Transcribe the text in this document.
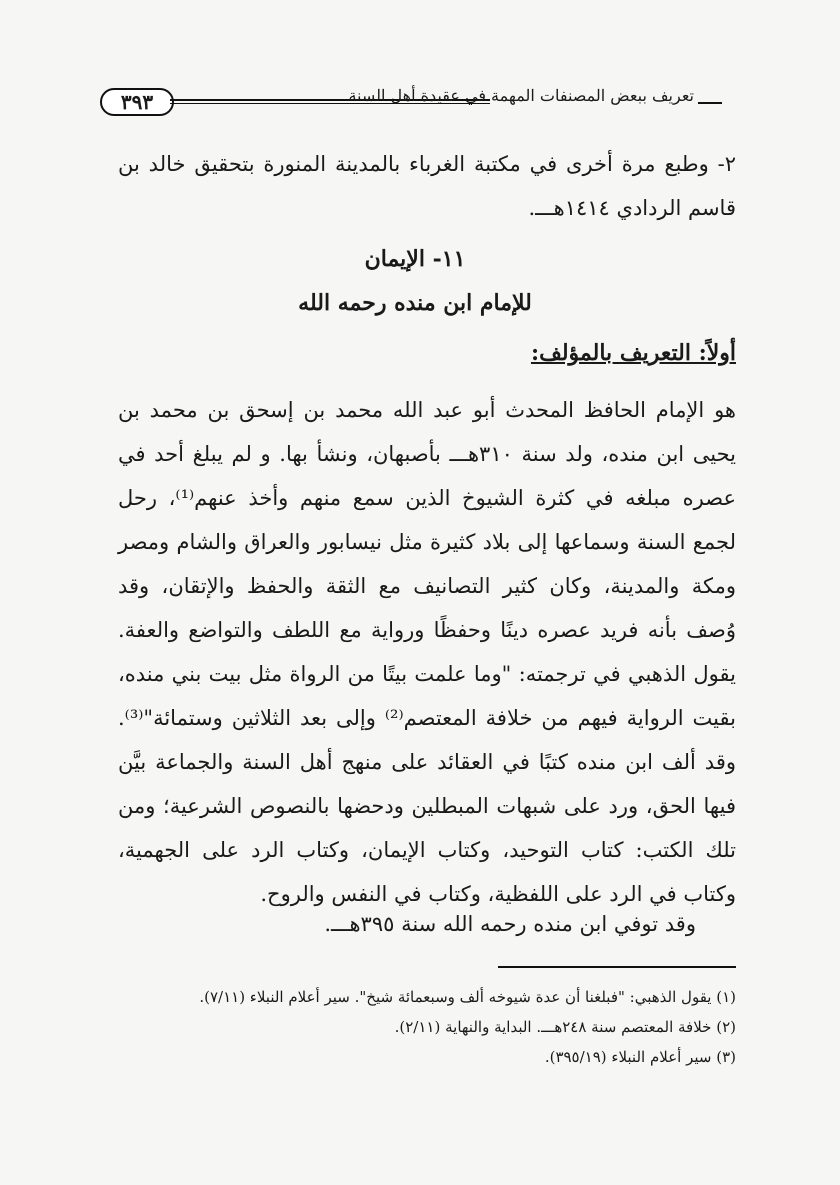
٣٩٣	تعريف ببعض المصنفات المهمة في عقيدة أهل السنة
٢- وطبع مرة أخرى في مكتبة الغرباء بالمدينة المنورة بتحقيق خالد بن قاسم الردادي ١٤١٤هـــ.
١١- الإيمان
للإمام ابن منده رحمه الله
أولاً: التعريف بالمؤلف:
هو الإمام الحافظ المحدث أبو عبد الله محمد بن إسحق بن محمد بن يحيى ابن منده، ولد سنة ٣١٠هـــ بأصبهان، ونشأ بها. و لم يبلغ أحد في عصره مبلغه في كثرة الشيوخ الذين سمع منهم وأخذ عنهم⁽¹⁾، رحل لجمع السنة وسماعها إلى بلاد كثيرة مثل نيسابور والعراق والشام ومصر ومكة والمدينة، وكان كثير التصانيف مع الثقة والحفظ والإتقان، وقد وُصف بأنه فريد عصره دينًا وحفظًا ورواية مع اللطف والتواضع والعفة. يقول الذهبي في ترجمته: "وما علمت بيتًا من الرواة مثل بيت بني منده، بقيت الرواية فيهم من خلافة المعتصم⁽²⁾ وإلى بعد الثلاثين وستمائة"⁽³⁾. وقد ألف ابن منده كتبًا في العقائد على منهج أهل السنة والجماعة بيَّن فيها الحق، ورد على شبهات المبطلين ودحضها بالنصوص الشرعية؛ ومن تلك الكتب: كتاب التوحيد، وكتاب الإيمان، وكتاب الرد على الجهمية، وكتاب في الرد على اللفظية، وكتاب في النفس والروح.
وقد توفي ابن منده رحمه الله سنة ٣٩٥هـــ.
(١) يقول الذهبي: "فبلغنا أن عدة شيوخه ألف وسبعمائة شيخ". سير أعلام النبلاء (٧/١١).
(٢) خلافة المعتصم سنة ٢٤٨هـــ. البداية والنهاية (٢/١١).
(٣) سير أعلام النبلاء (٣٩٥/١٩).
